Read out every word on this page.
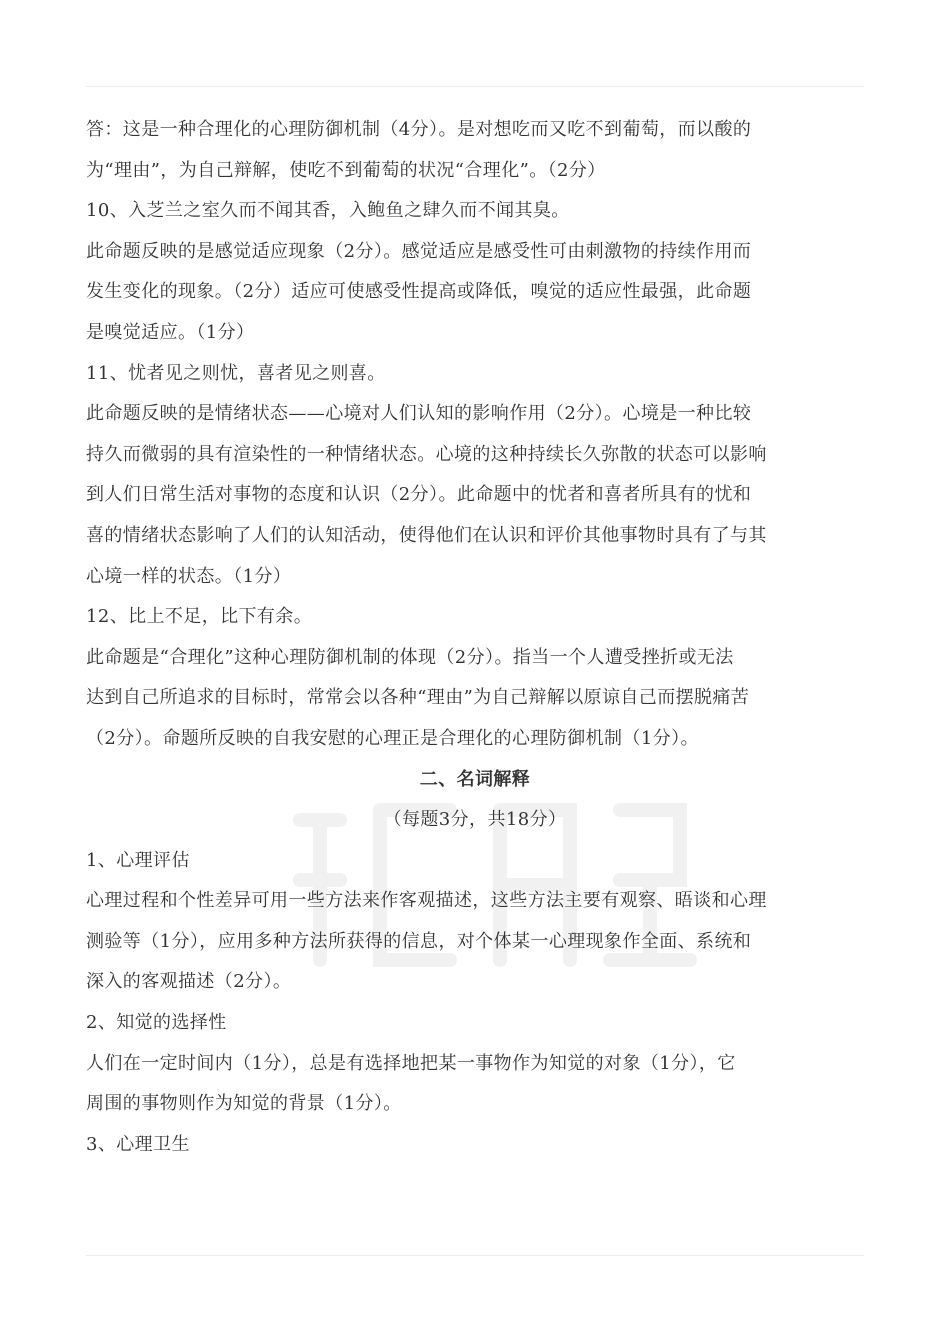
答：这是一种合理化的心理防御机制（4分）。是对想吃而又吃不到葡萄，而以酸的

为“理由”，为自己辩解，使吃不到葡萄的状况“合理化”。（2分）

10、入芝兰之室久而不闻其香，入鲍鱼之肆久而不闻其臭。

此命题反映的是感觉适应现象（2分）。感觉适应是感受性可由刺激物的持续作用而

发生变化的现象。（2分）适应可使感受性提高或降低，嗅觉的适应性最强，此命题

是嗅觉适应。（1分）

11、忧者见之则忧，喜者见之则喜。

此命题反映的是情绪状态——心境对人们认知的影响作用（2分）。心境是一种比较

持久而微弱的具有渲染性的一种情绪状态。心境的这种持续长久弥散的状态可以影响

到人们日常生活对事物的态度和认识（2分）。此命题中的忧者和喜者所具有的忧和

喜的情绪状态影响了人们的认知活动，使得他们在认识和评价其他事物时具有了与其

心境一样的状态。（1分）

12、比上不足，比下有余。

此命题是“合理化”这种心理防御机制的体现（2分）。指当一个人遭受挫折或无法

达到自己所追求的目标时，常常会以各种“理由”为自己辩解以原谅自己而摆脱痛苦

（2分）。命题所反映的自我安慰的心理正是合理化的心理防御机制（1分）。

二、名词解释

（每题3分，共18分）

1、心理评估

心理过程和个性差异可用一些方法来作客观描述，这些方法主要有观察、晤谈和心理

测验等（1分），应用多种方法所获得的信息，对个体某一心理现象作全面、系统和

深入的客观描述（2分）。

2、知觉的选择性

人们在一定时间内（1分），总是有选择地把某一事物作为知觉的对象（1分），它

周围的事物则作为知觉的背景（1分）。

3、心理卫生
